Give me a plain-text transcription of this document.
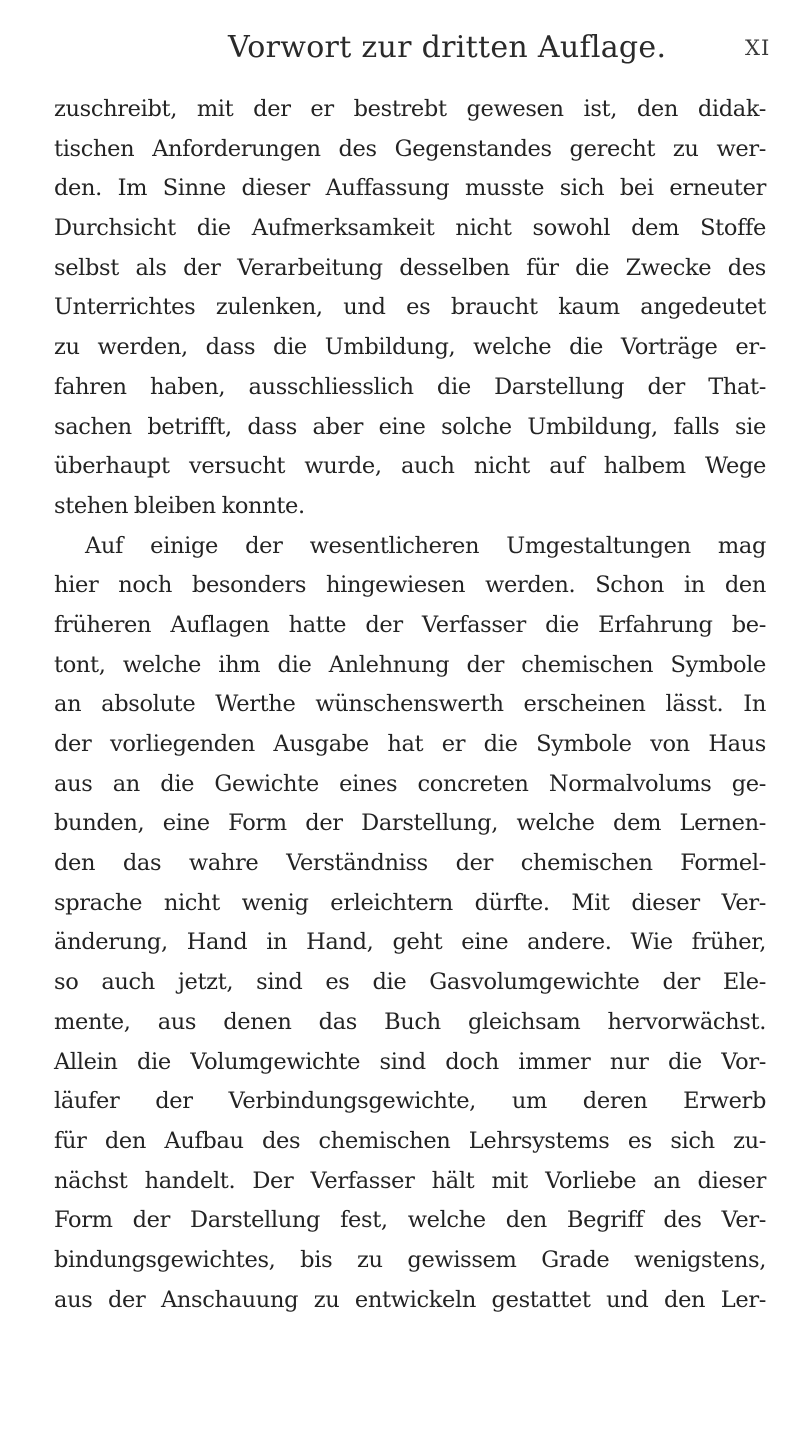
Vorwort zur dritten Auflage.	XI
zuschreibt, mit der er bestrebt gewesen ist, den didak-
tischen Anforderungen des Gegenstandes gerecht zu wer-
den. Im Sinne dieser Auffassung musste sich bei erneuter
Durchsicht die Aufmerksamkeit nicht sowohl dem Stoffe
selbst als der Verarbeitung desselben für die Zwecke des
Unterrichtes zulenken, und es braucht kaum angedeutet
zu werden, dass die Umbildung, welche die Vorträge er-
fahren haben, ausschliesslich die Darstellung der That-
sachen betrifft, dass aber eine solche Umbildung, falls sie
überhaupt versucht wurde, auch nicht auf halbem Wege
stehen bleiben konnte.
Auf einige der wesentlicheren Umgestaltungen mag
hier noch besonders hingewiesen werden. Schon in den
früheren Auflagen hatte der Verfasser die Erfahrung be-
tont, welche ihm die Anlehnung der chemischen Symbole
an absolute Werthe wünschenswerth erscheinen lässt. In
der vorliegenden Ausgabe hat er die Symbole von Haus
aus an die Gewichte eines concreten Normalvolums ge-
bunden, eine Form der Darstellung, welche dem Lernen-
den das wahre Verständniss der chemischen Formel-
sprache nicht wenig erleichtern dürfte. Mit dieser Ver-
änderung, Hand in Hand, geht eine andere. Wie früher,
so auch jetzt, sind es die Gasvolumgewichte der Ele-
mente, aus denen das Buch gleichsam hervorwächst.
Allein die Volumgewichte sind doch immer nur die Vor-
läufer der Verbindungsgewichte, um deren Erwerb
für den Aufbau des chemischen Lehrsystems es sich zu-
nächst handelt. Der Verfasser hält mit Vorliebe an dieser
Form der Darstellung fest, welche den Begriff des Ver-
bindungsgewichtes, bis zu gewissem Grade wenigstens,
aus der Anschauung zu entwickeln gestattet und den Ler-
